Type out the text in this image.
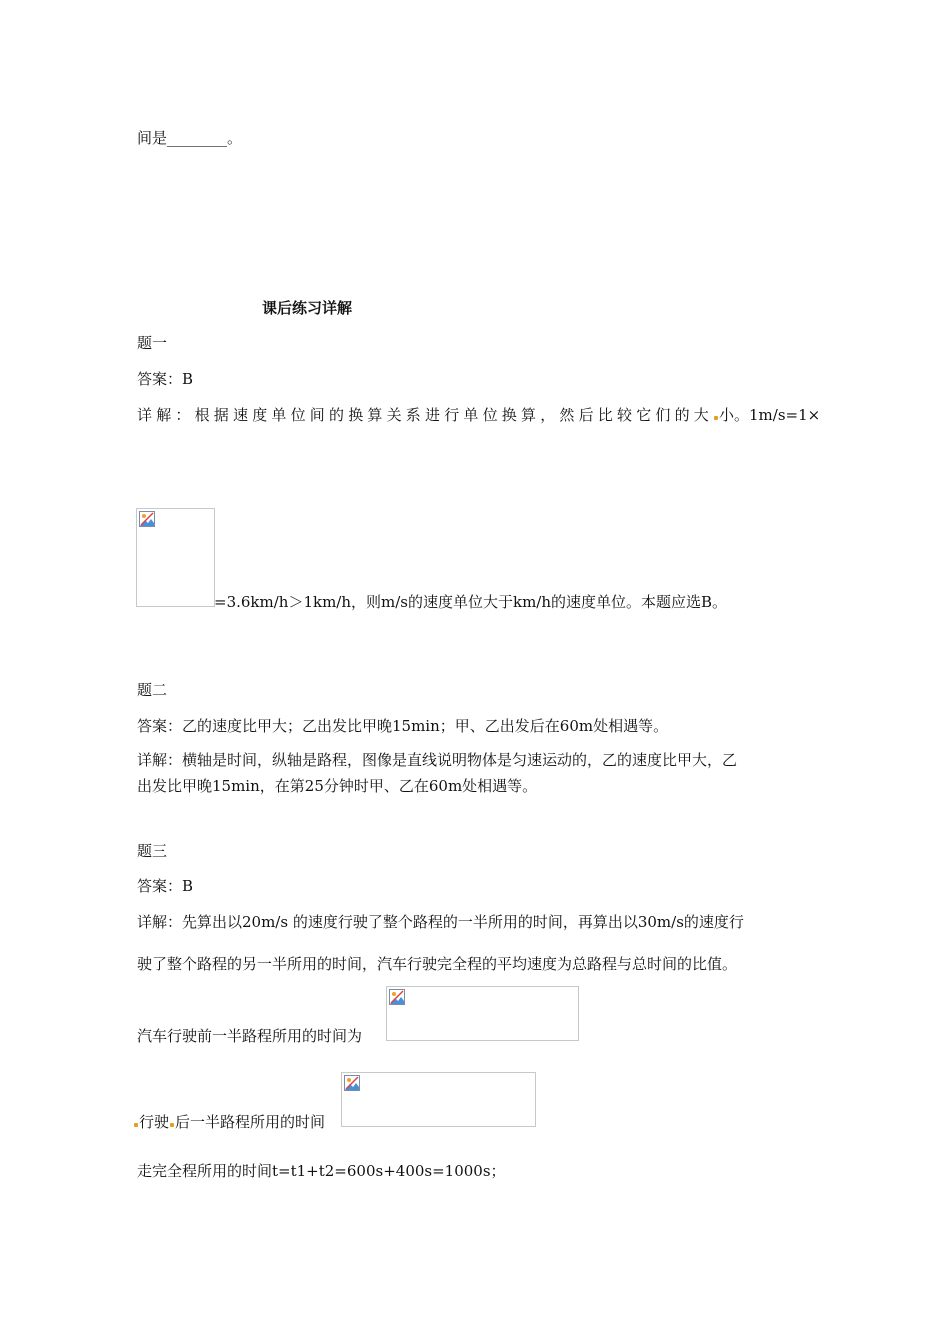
间是________。
课后练习详解
题一
答案：B
详解：根据速度单位间的换算关系进行单位换算，然后比较它们的大 小。1m/s=1×
=3.6km/h＞1km/h，则m/s的速度单位大于km/h的速度单位。本题应选B。
题二
答案：乙的速度比甲大；乙出发比甲晚15min；甲、乙出发后在60m处相遇等。
详解：横轴是时间，纵轴是路程，图像是直线说明物体是匀速运动的，乙的速度比甲大，乙
出发比甲晚15min，在第25分钟时甲、乙在60m处相遇等。
题三
答案：B
详解：先算出以20m/s 的速度行驶了整个路程的一半所用的时间，再算出以30m/s的速度行
驶了整个路程的另一半所用的时间，汽车行驶完全程的平均速度为总路程与总时间的比值。
汽车行驶前一半路程所用的时间为
行驶 后一半路程所用的时间
走完全程所用的时间t=t1+t2=600s+400s=1000s；
